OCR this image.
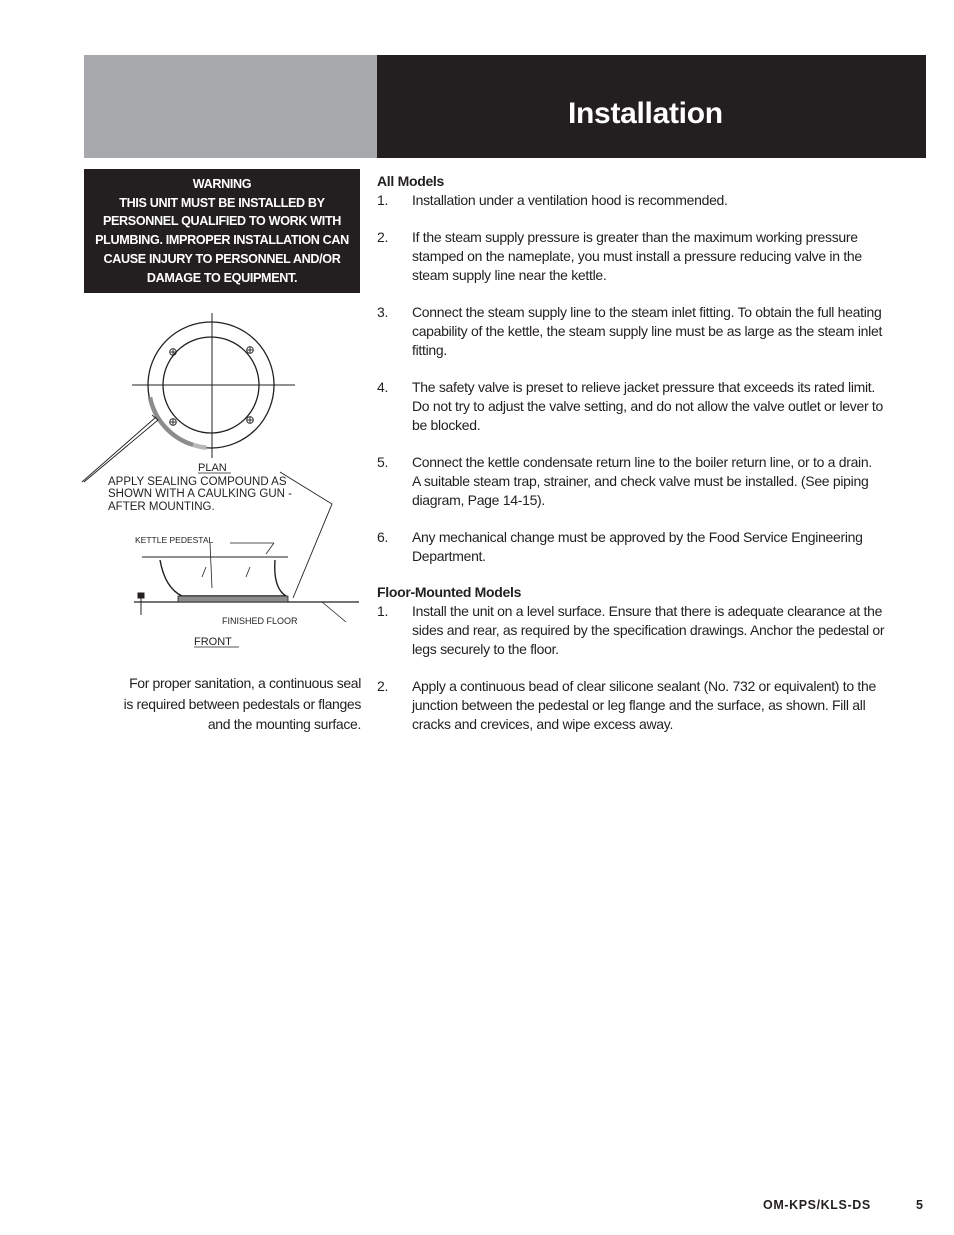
Installation
WARNING
THIS UNIT MUST BE INSTALLED BY
PERSONNEL QUALIFIED TO WORK WITH
PLUMBING. IMPROPER INSTALLATION CAN
CAUSE INJURY TO PERSONNEL AND/OR
DAMAGE TO EQUIPMENT.
PLAN
APPLY SEALING COMPOUND AS
SHOWN WITH A CAULKING GUN -
AFTER MOUNTING.
KETTLE PEDESTAL
FINISHED FLOOR
FRONT
For proper sanitation, a continuous seal
is required between pedestals or flanges
and the mounting surface.
All Models
1. Installation under a ventilation hood is recommended.
2. If the steam supply pressure is greater than the maximum working pressure
stamped on the nameplate, you must install a pressure reducing valve in the
steam supply line near the kettle.
3. Connect the steam supply line to the steam inlet fitting. To obtain the full heating
capability of the kettle, the steam supply line must be as large as the steam inlet
fitting.
4. The safety valve is preset to relieve jacket pressure that exceeds its rated limit.
Do not try to adjust the valve setting, and do not allow the valve outlet or lever to
be blocked.
5. Connect the kettle condensate return line to the boiler return line, or to a drain.
A suitable steam trap, strainer, and check valve must be installed. (See piping
diagram, Page 14-15).
6. Any mechanical change must be approved by the Food Service Engineering
Department.
Floor-Mounted Models
1. Install the unit on a level surface. Ensure that there is adequate clearance at the
sides and rear, as required by the specification drawings. Anchor the pedestal or
legs securely to the floor.
2. Apply a continuous bead of clear silicone sealant (No. 732 or equivalent) to the
junction between the pedestal or leg flange and the surface, as shown. Fill all
cracks and crevices, and wipe excess away.
OM-KPS/KLS-DS	5
